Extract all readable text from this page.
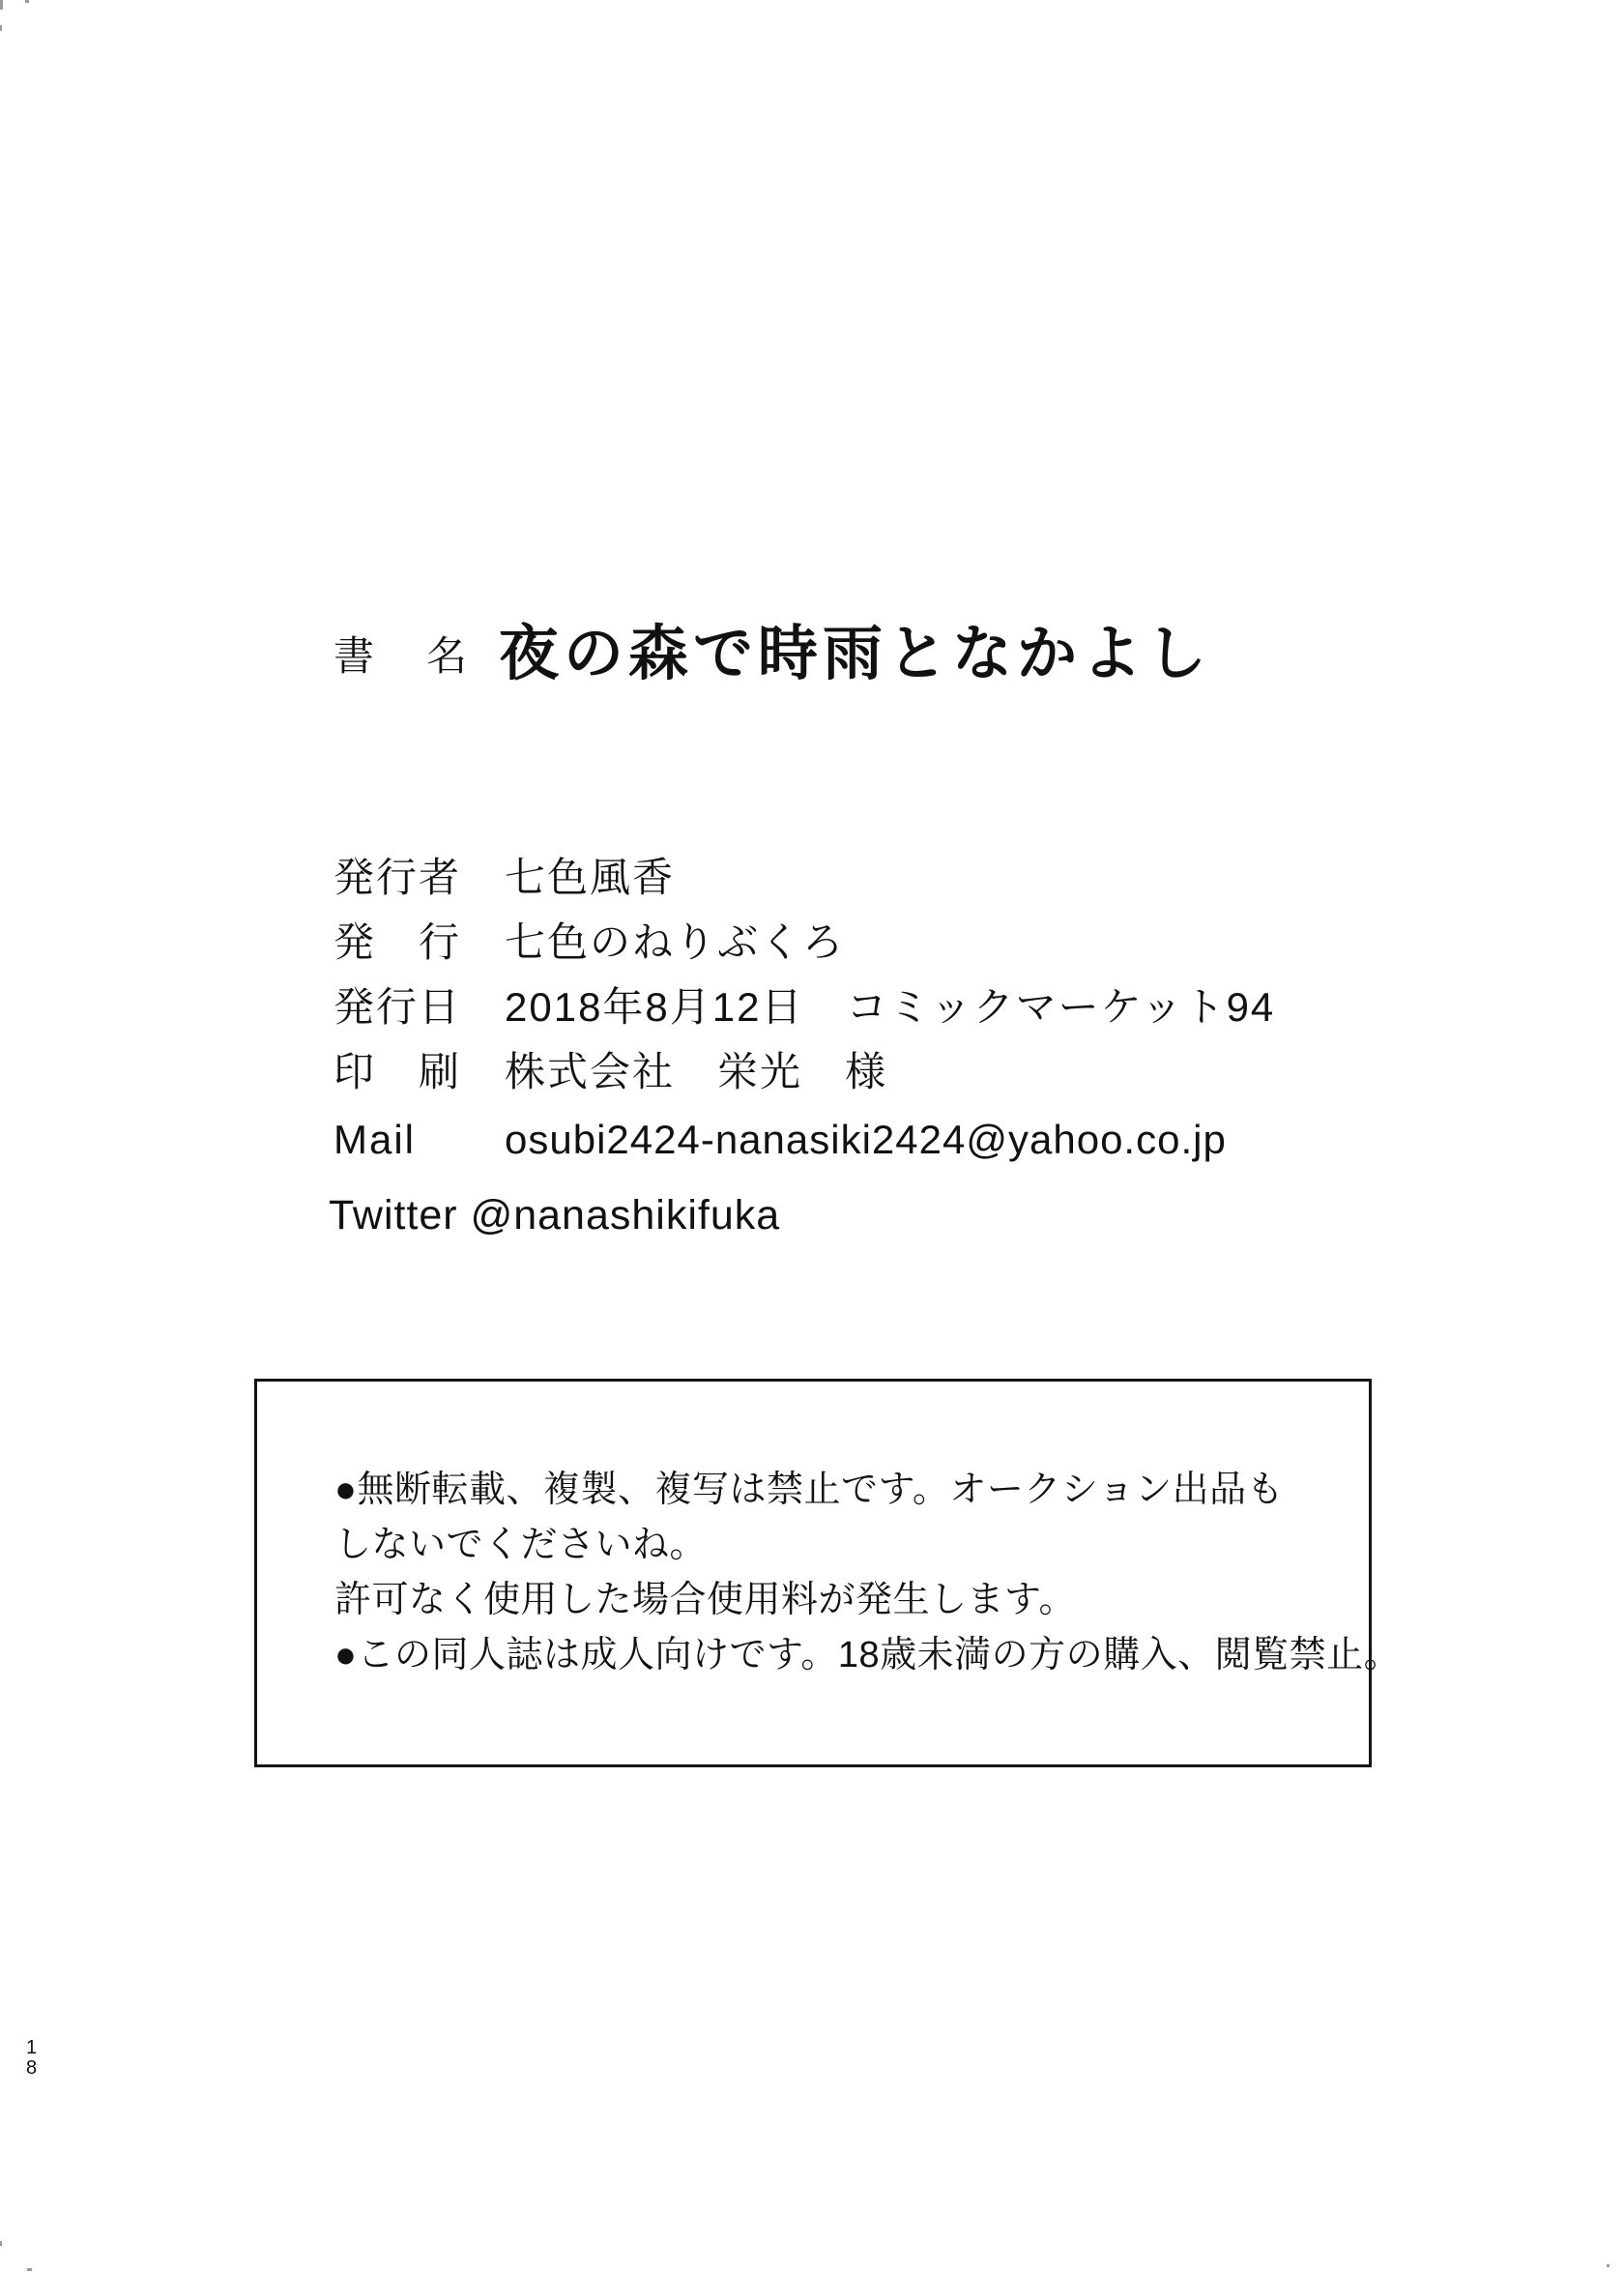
書　名 夜の森で時雨となかよし

発行者

七色風香

発　行

七色のねりぶくろ

発行日

2018年8月12日　コミックマーケット94

印　刷

株式会社　栄光　様

Mail

osubi2424-nanasiki2424@yahoo.co.jp

Twitter @nanashikifuka
●無断転載、複製、複写は禁止です。オークション出品も
しないでくださいね。
許可なく使用した場合使用料が発生します。
●この同人誌は成人向けです。18歳未満の方の購入、閲覧禁止。
18
